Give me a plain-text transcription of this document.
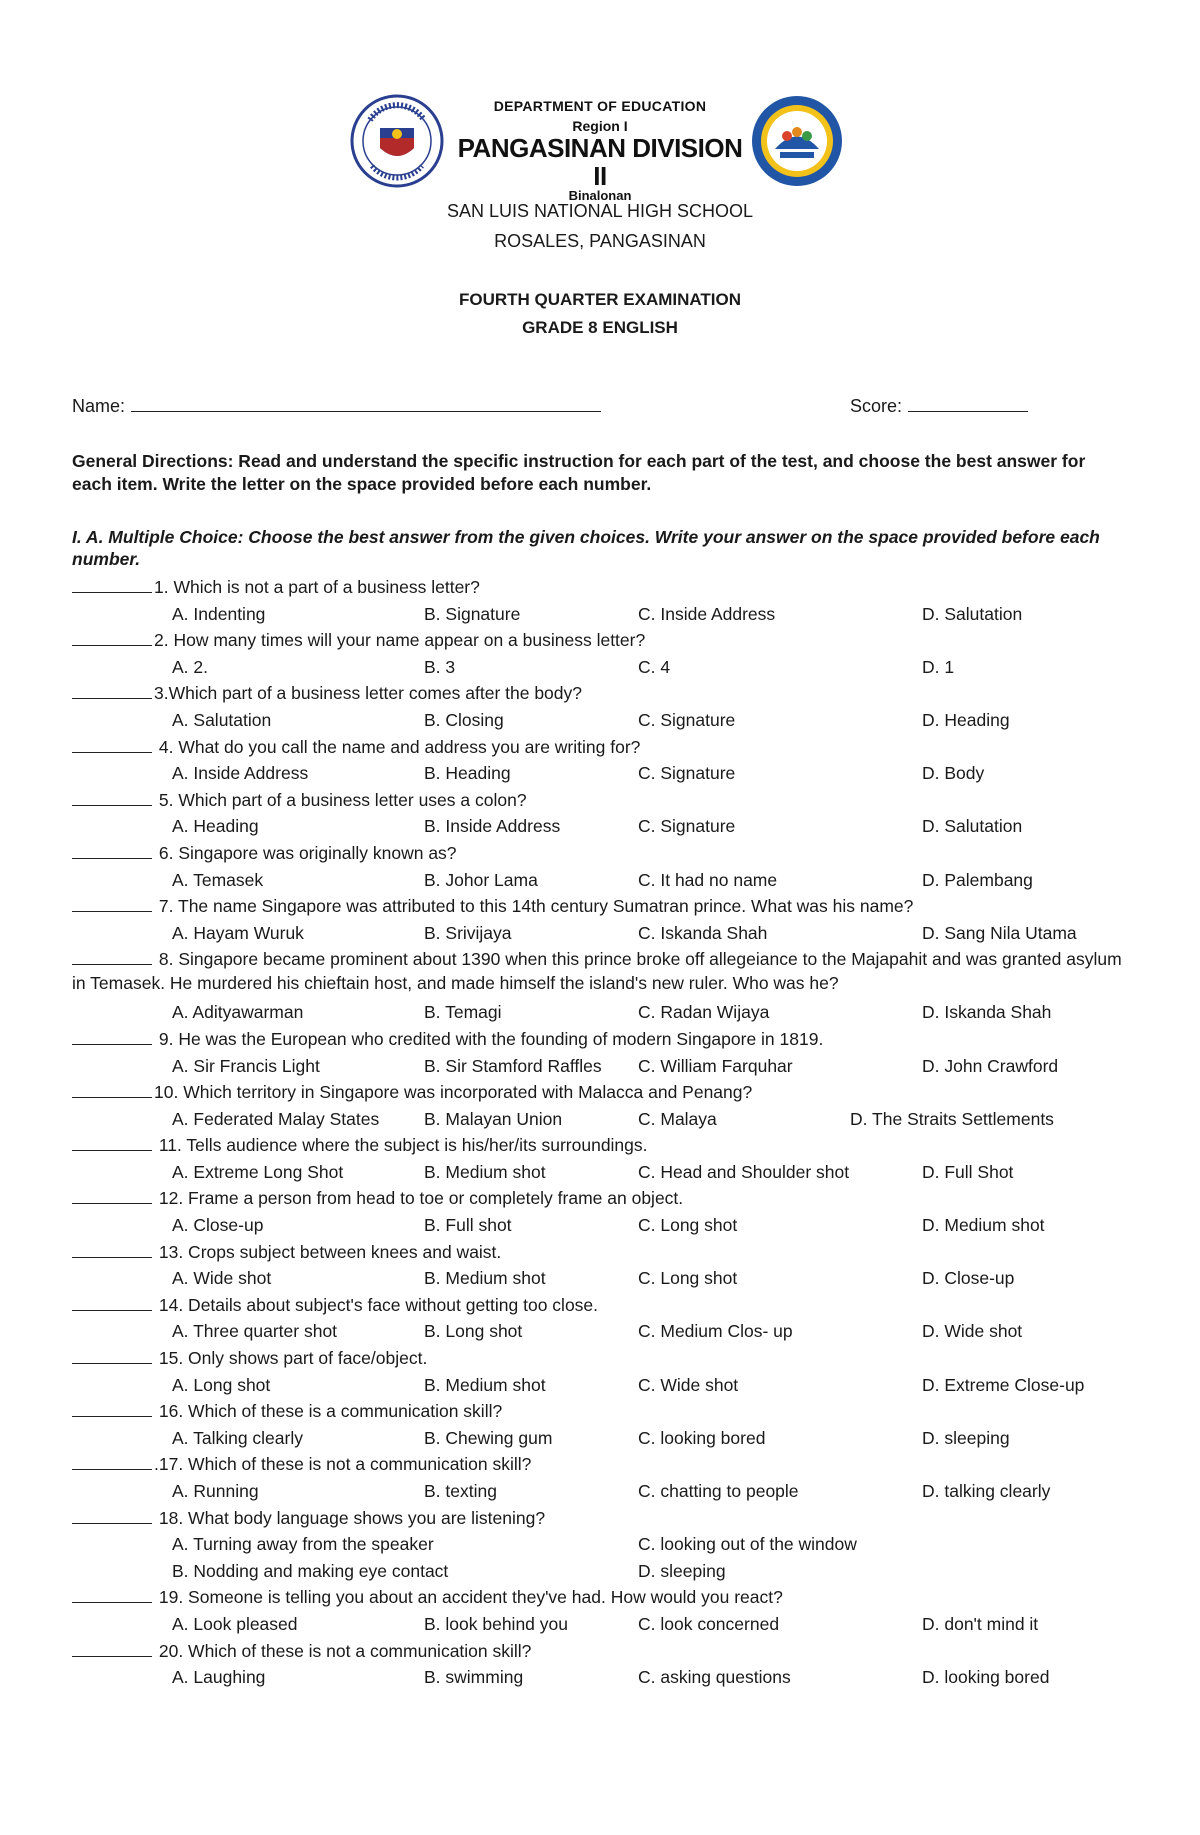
DEPARTMENT OF EDUCATION
Region I
PANGASINAN DIVISION II
Binalonan
SAN LUIS NATIONAL HIGH SCHOOL
ROSALES, PANGASINAN
FOURTH QUARTER EXAMINATION
GRADE 8 ENGLISH
Name:	Score:
General Directions: Read and understand the specific instruction for each part of the test, and choose the best answer for each item. Write the letter on the space provided before each number.
I. A. Multiple Choice: Choose the best answer from the given choices. Write your answer on the space provided before each number.
1. Which is not a part of a business letter?
A. Indenting	B. Signature	C. Inside Address	D. Salutation
2. How many times will your name appear on a business letter?
A. 2.	B. 3	C. 4	D. 1
3.Which part of a business letter comes after the body?
A. Salutation	B. Closing	C. Signature	D. Heading
4. What do you call the name and address you are writing for?
A. Inside Address	B. Heading	C. Signature	D. Body
5. Which part of a business letter uses a colon?
A. Heading	B. Inside Address	C. Signature	D. Salutation
6. Singapore was originally known as?
A. Temasek	B. Johor Lama	C. It had no name	D. Palembang
7. The name Singapore was attributed to this 14th century Sumatran prince. What was his name?
A. Hayam Wuruk	B. Srivijaya	C. Iskanda Shah	D. Sang Nila Utama
8. Singapore became prominent about 1390 when this prince broke off allegeiance to the Majapahit and was granted asylum in Temasek. He murdered his chieftain host, and made himself the island's new ruler. Who was he?
A. Adityawarman	B. Temagi	C. Radan Wijaya	D. Iskanda Shah
9. He was the European who credited with the founding of modern Singapore in 1819.
A. Sir Francis Light	B. Sir Stamford Raffles C. William Farquhar	D. John Crawford
10. Which territory in Singapore was incorporated with Malacca and Penang?
A. Federated Malay States	B. Malayan Union	C. Malaya	D. The Straits Settlements
11. Tells audience where the subject is his/her/its surroundings.
A. Extreme Long Shot	B. Medium shot	C. Head and Shoulder shot	D. Full Shot
12. Frame a person from head to toe or completely frame an object.
A. Close-up	B. Full shot	C. Long shot	D. Medium shot
13. Crops subject between knees and waist.
A. Wide shot	B. Medium shot	C. Long shot	D. Close-up
14. Details about subject's face without getting too close.
A. Three quarter shot	B. Long shot	C. Medium Clos- up	D. Wide shot
15. Only shows part of face/object.
A. Long shot	B. Medium shot	C. Wide shot	D. Extreme Close-up
16. Which of these is a communication skill?
A. Talking clearly	B. Chewing gum	C. looking bored	D. sleeping
.17. Which of these is not a communication skill?
A. Running	B. texting	C. chatting to people	D. talking clearly
18. What body language shows you are listening?
A. Turning away from the speaker	C. looking out of the window
B. Nodding and making eye contact	D. sleeping
19. Someone is telling you about an accident they've had. How would you react?
A. Look pleased	B. look behind you	C. look concerned	D. don't mind it
20. Which of these is not a communication skill?
A. Laughing	B. swimming	C. asking questions	D. looking bored
